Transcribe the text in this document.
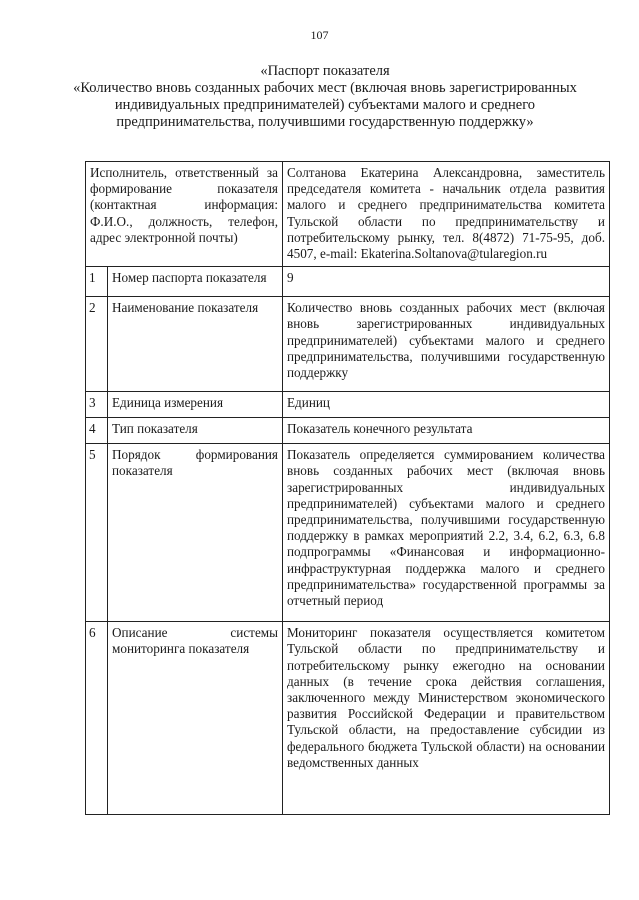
107
«Паспорт показателя
«Количество вновь созданных рабочих мест (включая вновь зарегистрированных индивидуальных предпринимателей) субъектами малого и среднего предпринимательства, получившими государственную поддержку»
Исполнитель, ответственный за формирование показателя (контактная информация: Ф.И.О., должность, телефон, адрес электронной почты)		Солтанова Екатерина Александровна, заместитель председателя комитета - начальник отдела развития малого и среднего предпринимательства комитета Тульской области по предпринимательству и потребительскому рынку, тел. 8(4872) 71-75-95, доб. 4507, e-mail: Ekaterina.Soltanova@tularegion.ru
1	Номер паспорта показателя	9
2	Наименование показателя	Количество вновь созданных рабочих мест (включая вновь зарегистрированных индивидуальных предпринимателей) субъектами малого и среднего предпринимательства, получившими государственную поддержку
3	Единица измерения	Единиц
4	Тип показателя	Показатель конечного результата
5	Порядок формирования показателя	Показатель определяется суммированием количества вновь созданных рабочих мест (включая вновь зарегистрированных индивидуальных предпринимателей) субъектами малого и среднего предпринимательства, получившими государственную поддержку в рамках мероприятий 2.2, 3.4, 6.2, 6.3, 6.8 подпрограммы «Финансовая и информационно-инфраструктурная поддержка малого и среднего предпринимательства» государственной программы за отчетный период
6	Описание системы мониторинга показателя	Мониторинг показателя осуществляется комитетом Тульской области по предпринимательству и потребительскому рынку ежегодно на основании данных (в течение срока действия соглашения, заключенного между Министерством экономического развития Российской Федерации и правительством Тульской области, на предоставление субсидии из федерального бюджета Тульской области) на основании ведомственных данных
